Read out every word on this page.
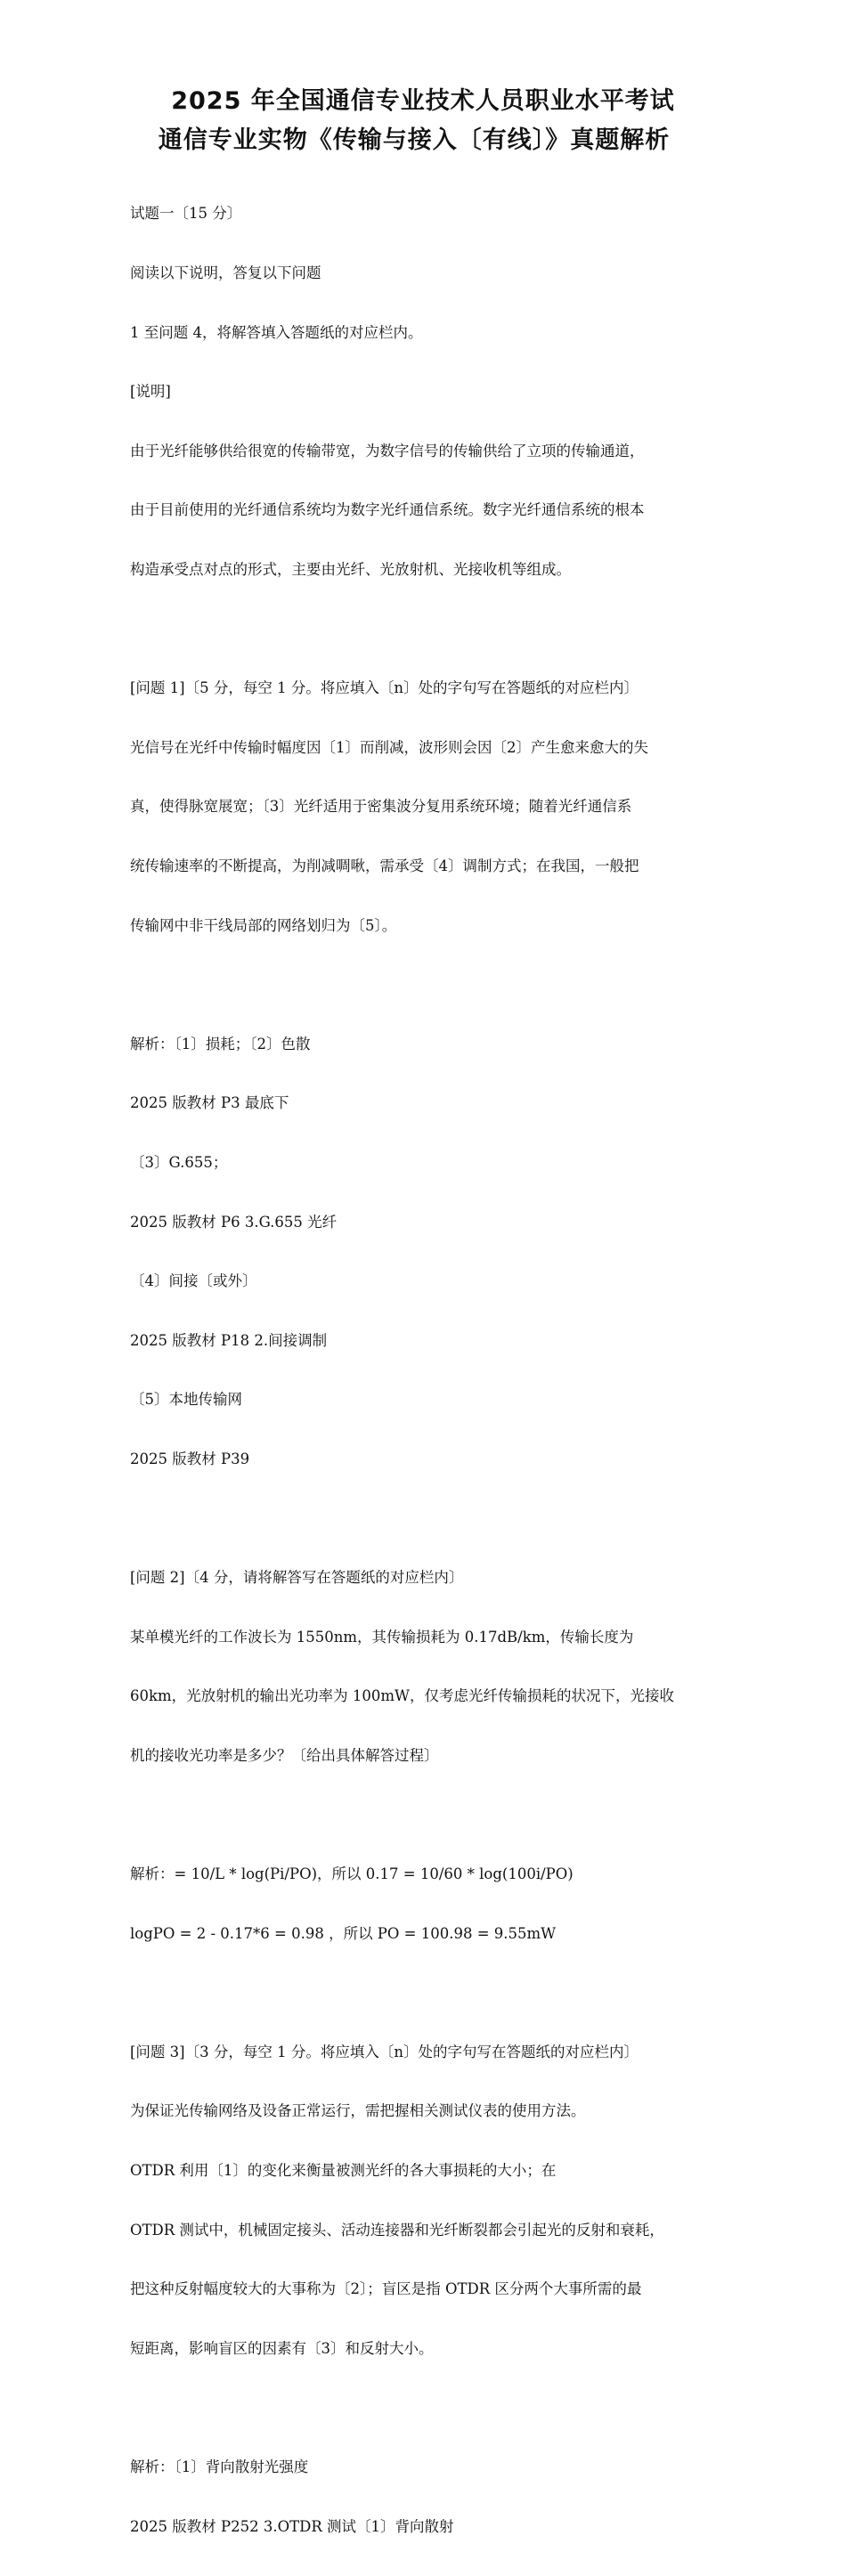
2025 年全国通信专业技术人员职业水平考试
通信专业实物《传输与接入〔有线〕》真题解析

试题一〔15 分〕

阅读以下说明，答复以下问题

1 至问题 4，将解答填入答题纸的对应栏内。

[说明]

由于光纤能够供给很宽的传输带宽，为数字信号的传输供给了立项的传输通道，

由于目前使用的光纤通信系统均为数字光纤通信系统。数字光纤通信系统的根本

构造承受点对点的形式，主要由光纤、光放射机、光接收机等组成。

[问题 1]〔5 分，每空 1 分。将应填入〔n〕处的字句写在答题纸的对应栏内〕

光信号在光纤中传输时幅度因〔1〕而削减，波形则会因〔2〕产生愈来愈大的失

真，使得脉宽展宽；〔3〕光纤适用于密集波分复用系统环境；随着光纤通信系

统传输速率的不断提高，为削减啁啾，需承受〔4〕调制方式；在我国，一般把

传输网中非干线局部的网络划归为〔5〕。

解析：〔1〕损耗；〔2〕色散

2025 版教材 P3 最底下

〔3〕G.655；

2025 版教材 P6 3.G.655 光纤

〔4〕间接〔或外〕

2025 版教材 P18 2.间接调制

〔5〕本地传输网

2025 版教材 P39

[问题 2]〔4 分，请将解答写在答题纸的对应栏内〕

某单模光纤的工作波长为 1550nm，其传输损耗为 0.17dB/km，传输长度为

60km，光放射机的输出光功率为 100mW，仅考虑光纤传输损耗的状况下，光接收

机的接收光功率是多少？〔给出具体解答过程〕

解析：= 10/L * log(Pi/PO)，所以 0.17 = 10/60 * log(100i/PO)

logPO = 2 - 0.17*6 = 0.98 ，所以 PO = 100.98 = 9.55mW

[问题 3]〔3 分，每空 1 分。将应填入〔n〕处的字句写在答题纸的对应栏内〕

为保证光传输网络及设备正常运行，需把握相关测试仪表的使用方法。

OTDR 利用〔1〕的变化来衡量被测光纤的各大事损耗的大小；在

OTDR 测试中，机械固定接头、活动连接器和光纤断裂都会引起光的反射和衰耗，

把这种反射幅度较大的大事称为〔2〕；盲区是指 OTDR 区分两个大事所需的最

短距离，影响盲区的因素有〔3〕和反射大小。

解析：〔1〕背向散射光强度

2025 版教材 P252 3.OTDR 测试〔1〕背向散射
